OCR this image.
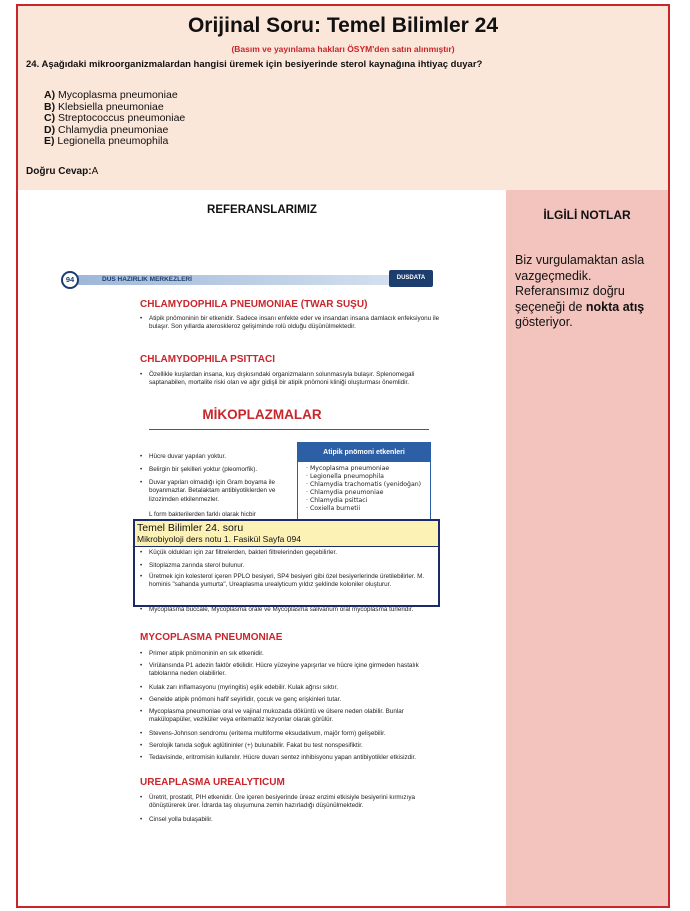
Orijinal Soru: Temel Bilimler 24
(Basım ve yayınlama hakları ÖSYM'den satın alınmıştır)
24. Aşağıdaki mikroorganizmalardan hangisi üremek için besiyerinde sterol kaynağına ihtiyaç duyar?
A) Mycoplasma pneumoniae
B) Klebsiella pneumoniae
C) Streptococcus pneumoniae
D) Chlamydia pneumoniae
E) Legionella pneumophila
Doğru Cevap:A
REFERANSLARIMIZ
DUS HAZIRLIK MERKEZLERİ
94	DUSDATA
CHLAMYDOPHILA PNEUMONIAE (TWAR SUŞU)
• Atipik pnömoninin bir etkenidir. Sadece insanı enfekte eder ve insandan insana damlacık enfeksiyonu ile bulaşır. Son yıllarda ateroskleroz gelişiminde rolü olduğu düşünülmektedir.
CHLAMYDOPHILA PSITTACI
• Özellikle kuşlardan insana, kuş dışkısındaki organizmaların solunmasıyla bulaşır. Splenomegali saptanabilen, mortalite riski olan ve ağır gidişli bir atipik pnömoni kliniği oluşturması önemlidir.
MİKOPLAZMALAR
• Hücre duvar yapıları yoktur.
• Belirgin bir şekilleri yoktur (pleomorfik).
• Duvar yapıları olmadığı için Gram boyama ile boyanmazlar. Betalaktam antibiyotiklerden ve lizozimden etkilenmezler.
• L form bakterilerden farklı olarak hicbir
Atipik pnömoni etkenleri
· Mycoplasma pneumoniae
· Legionella pneumophila
· Chlamydia trachomatis (yenidoğan)
· Chlamydia pneumoniae
· Chlamydia psittaci
· Coxiella burnetii
• Küçük oldukları için zar filtrelerden, bakteri filtrelerinden geçebilirler.
• Sitoplazma zarında sterol bulunur.
• Üretmek için kolesterol içeren PPLO besiyeri, SP4 besiyeri gibi özel besiyerlerinde üretilebilirler. M. hominis "sahanda yumurta", Ureaplasma urealyticum yıldız şeklinde koloniler oluşturur.
• Mycoplasma buccale, Mycoplasma orale ve Mycoplasma salivarium oral mycoplasma türleridir.
MYCOPLASMA PNEUMONIAE
• Primer atipik pnömoninin en sık etkenidir.
• Virülansında P1 adezin faktör etkilidir. Hücre yüzeyine yapışırlar ve hücre içine girmeden hastalık tablolarına neden olabilirler.
• Kulak zarı inflamasyonu (myringitis) eşlik edebilir. Kulak ağrısı sıktır.
• Genelde atipik pnömoni hafif seyirlidir, çocuk ve genç erişkinleri tutar.
• Mycoplasma pneumoniae oral ve vajinal mukozada döküntü ve ülsere neden olabilir. Bunlar makülopapüler, veziküler veya eritematöz lezyonlar olarak görülür.
• Stevens-Johnson sendromu (eritema multiforme eksudativum, majör form) gelişebilir.
• Serolojik tanıda soğuk aglütininler (+) bulunabilir. Fakat bu test nonspesifiktir.
• Tedavisinde, eritromisin kullanılır. Hücre duvarı sentez inhibisyonu yapan antibiyotikler etkisizdir.
UREAPLASMA UREALYTICUM
• Üretrit, prostatit, PIH etkenidir. Üre içeren besiyerinde üreaz enzimi etkisiyle besiyerini kırmızıya dönüştürerek ürer. İdrarda taş oluşumuna zemin hazırladığı düşünülmektedir.
• Cinsel yolla bulaşabilir.
Temel Bilimler 24. soru
Mikrobiyoloji ders notu 1. Fasikül Sayfa 094
İLGİLİ NOTLAR
Biz vurgulamaktan asla vazgeçmedik. Referansımız doğru şeçeneği de nokta atış gösteriyor.
